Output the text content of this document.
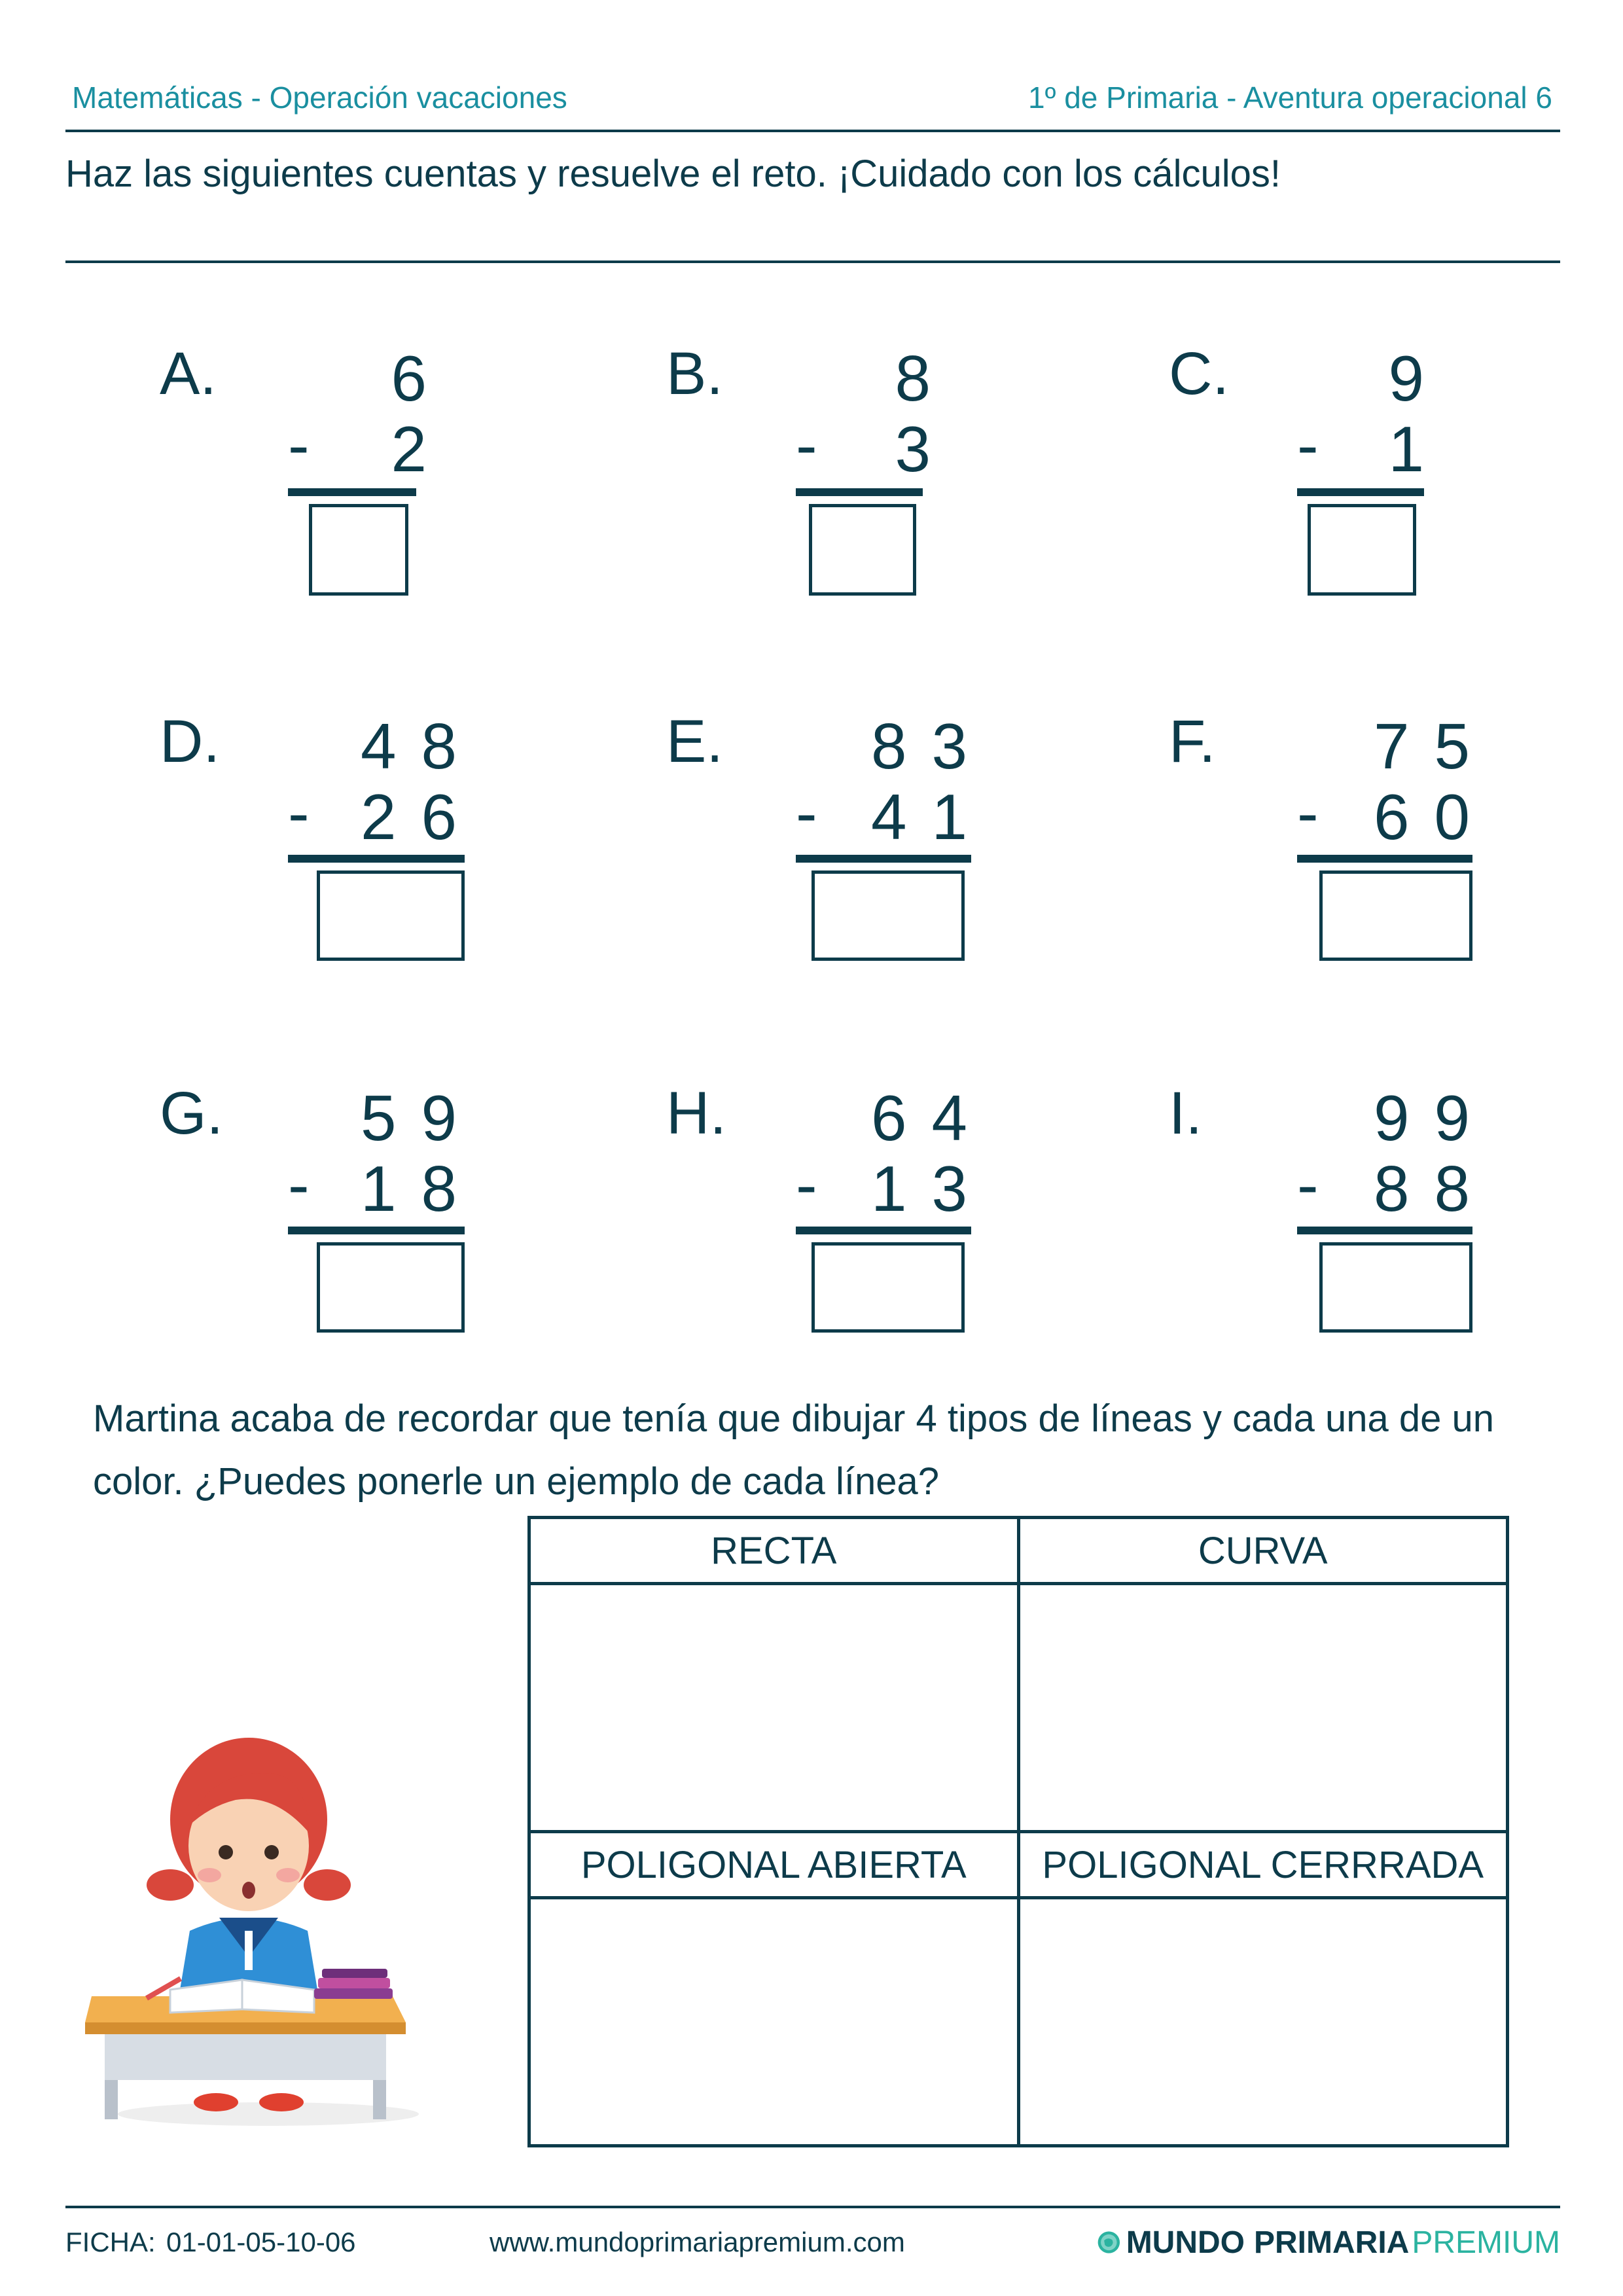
Matemáticas - Operación vacaciones	1º de Primaria - Aventura operacional 6
Haz las siguientes cuentas y resuelve el reto. ¡Cuidado con los cálculos!
A.	6
-	2
B.	8
-	3
C.	9
-	1
D.	48
- 26
E.	83
- 41
F.	75
- 60
G.	59
- 18
H.	64
- 13
I.	99
- 88
Martina acaba de recordar que tenía que dibujar 4 tipos de líneas y cada una de un color. ¿Puedes ponerle un ejemplo de cada línea?
RECTA	CURVA

POLIGONAL ABIERTA	POLIGONAL CERRRADA

FICHA: 01-01-05-10-06	www.mundoprimariapremium.com	MUNDO PRIMARIA PREMIUM
